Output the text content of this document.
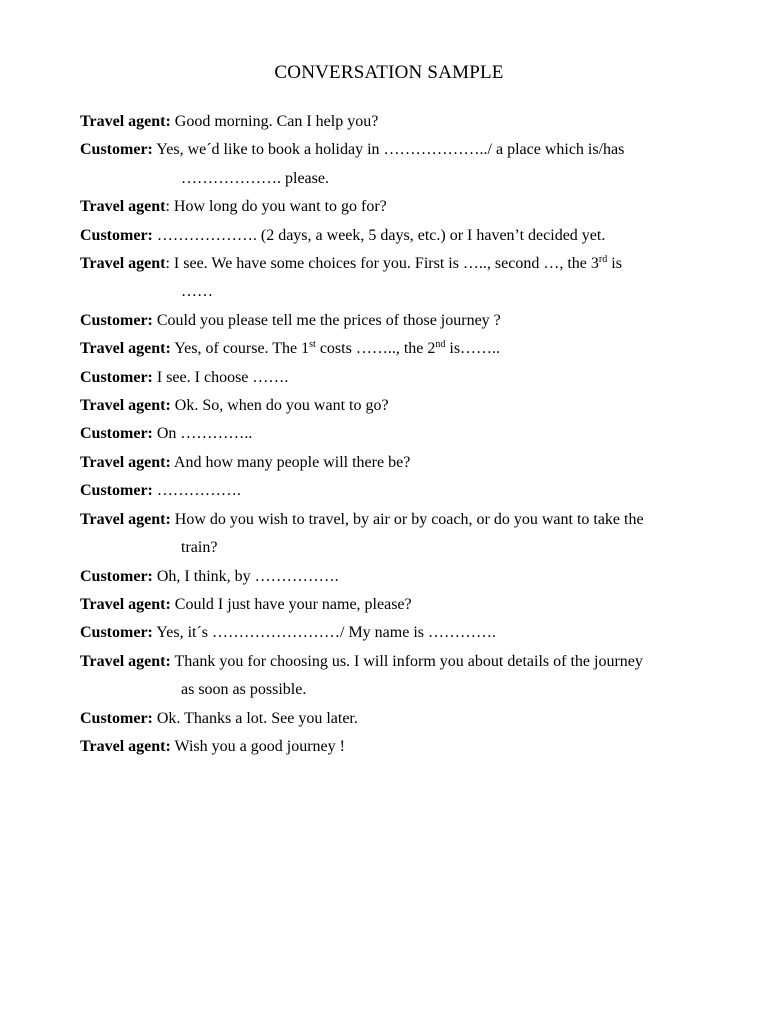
CONVERSATION SAMPLE
Travel agent: Good morning. Can I help you?
Customer: Yes, we´d like to book a holiday in ………………../ a place which is/has
………………. please.
Travel agent: How long do you want to go for?
Customer: ………………. (2 days, a week, 5 days, etc.) or I haven’t decided yet.
Travel agent: I see. We have some choices for you. First is ….., second …, the 3rd is
……
Customer: Could you please tell me the prices of those journey ?
Travel agent: Yes, of course. The 1st costs …….., the 2nd is……..
Customer: I see. I choose …….
Travel agent: Ok. So, when do you want to go?
Customer: On …………..
Travel agent: And how many people will there be?
Customer: …………….
Travel agent: How do you wish to travel, by air or by coach, or do you want to take the
train?
Customer: Oh, I think, by …………….
Travel agent: Could I just have your name, please?
Customer: Yes, it´s ……………………/ My name is ………….
Travel agent: Thank you for choosing us. I will inform you about details of the journey
as soon as possible.
Customer: Ok. Thanks a lot. See you later.
Travel agent: Wish you a good journey !
